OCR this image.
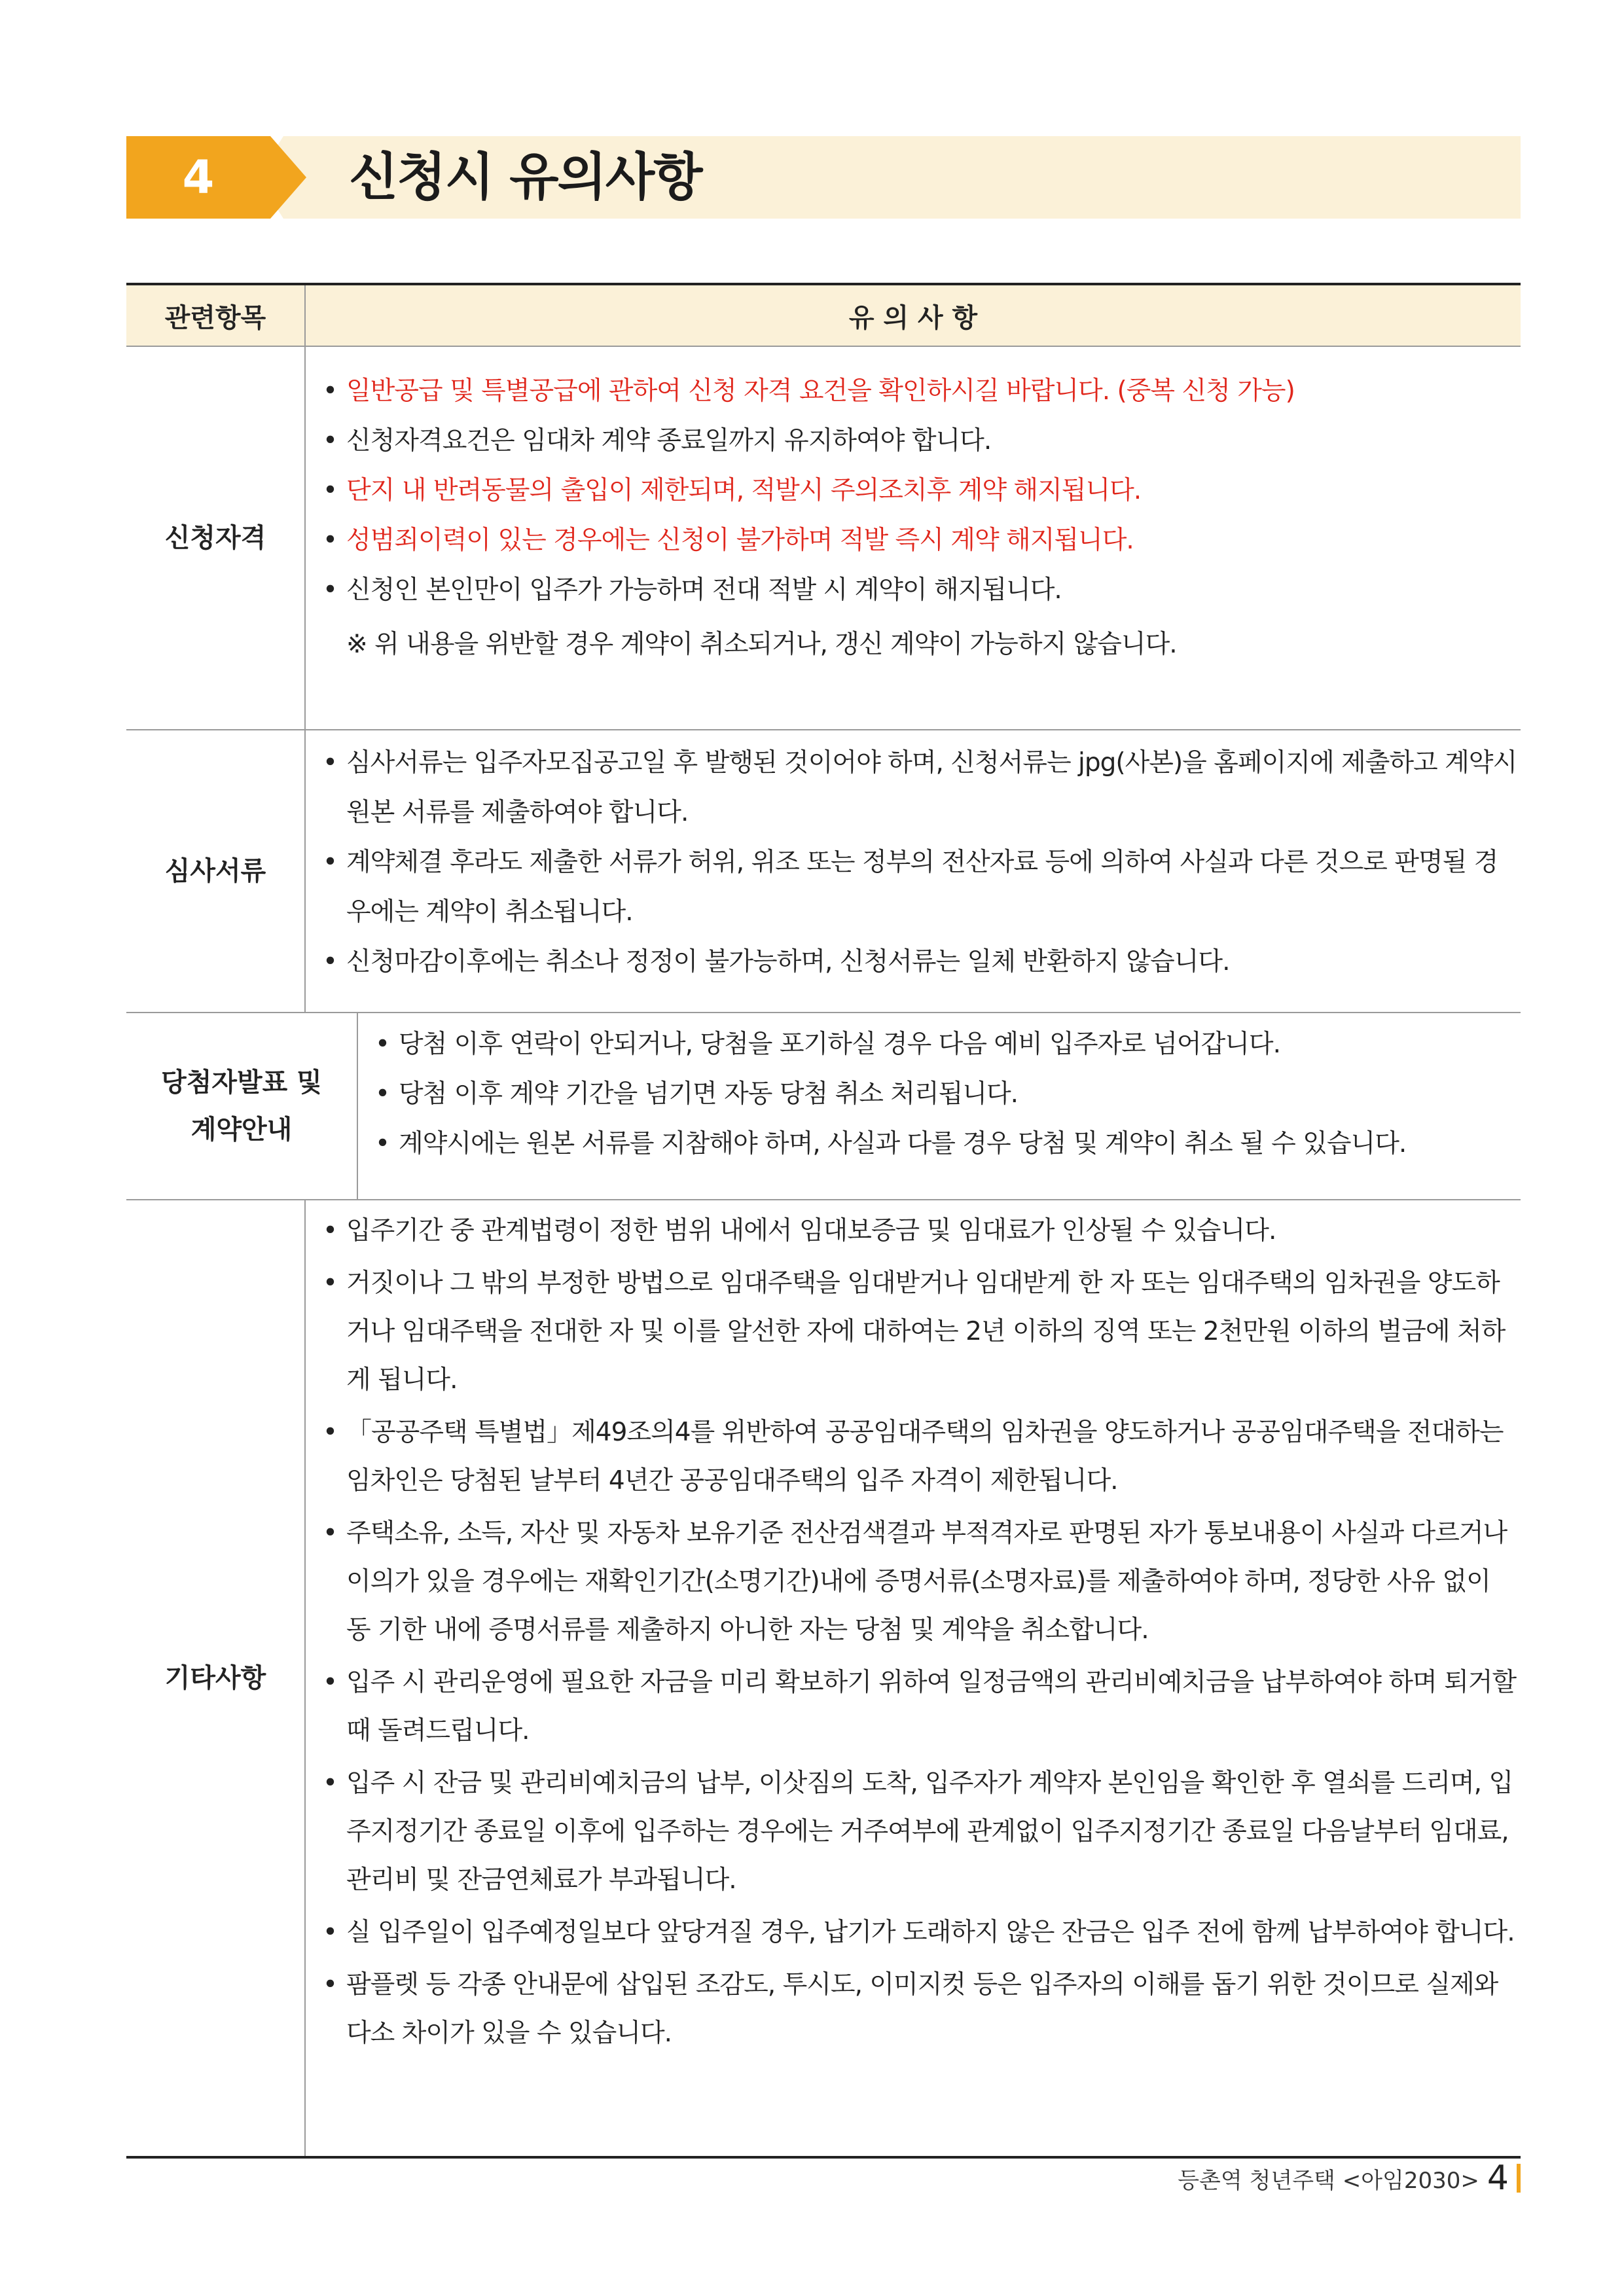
4	신청시 유의사항
관련항목	유 의 사 항
신청자격
• 일반공급 및 특별공급에 관하여 신청 자격 요건을 확인하시길 바랍니다. (중복 신청 가능)
• 신청자격요건은 임대차 계약 종료일까지 유지하여야 합니다.
• 단지 내 반려동물의 출입이 제한되며, 적발시 주의조치후 계약 해지됩니다.
• 성범죄이력이 있는 경우에는 신청이 불가하며 적발 즉시 계약 해지됩니다.
• 신청인 본인만이 입주가 가능하며 전대 적발 시 계약이 해지됩니다.
※ 위 내용을 위반할 경우 계약이 취소되거나, 갱신 계약이 가능하지 않습니다.
심사서류
• 심사서류는 입주자모집공고일 후 발행된 것이어야 하며, 신청서류는 jpg(사본)을 홈페이지에 제출하고 계약시 원본 서류를 제출하여야 합니다.
• 계약체결 후라도 제출한 서류가 허위, 위조 또는 정부의 전산자료 등에 의하여 사실과 다른 것으로 판명될 경우에는 계약이 취소됩니다.
• 신청마감이후에는 취소나 정정이 불가능하며, 신청서류는 일체 반환하지 않습니다.
당첨자발표 및 계약안내
• 당첨 이후 연락이 안되거나, 당첨을 포기하실 경우 다음 예비 입주자로 넘어갑니다.
• 당첨 이후 계약 기간을 넘기면 자동 당첨 취소 처리됩니다.
• 계약시에는 원본 서류를 지참해야 하며, 사실과 다를 경우 당첨 및 계약이 취소 될 수 있습니다.
기타사항
• 입주기간 중 관계법령이 정한 범위 내에서 임대보증금 및 임대료가 인상될 수 있습니다.
• 거짓이나 그 밖의 부정한 방법으로 임대주택을 임대받거나 임대받게 한 자 또는 임대주택의 임차권을 양도하거나 임대주택을 전대한 자 및 이를 알선한 자에 대하여는 2년 이하의 징역 또는 2천만원 이하의 벌금에 처하게 됩니다.
• 「공공주택 특별법」제49조의4를 위반하여 공공임대주택의 임차권을 양도하거나 공공임대주택을 전대하는 임차인은 당첨된 날부터 4년간 공공임대주택의 입주 자격이 제한됩니다.
• 주택소유, 소득, 자산 및 자동차 보유기준 전산검색결과 부적격자로 판명된 자가 통보내용이 사실과 다르거나 이의가 있을 경우에는 재확인기간(소명기간)내에 증명서류(소명자료)를 제출하여야 하며, 정당한 사유 없이 동 기한 내에 증명서류를 제출하지 아니한 자는 당첨 및 계약을 취소합니다.
• 입주 시 관리운영에 필요한 자금을 미리 확보하기 위하여 일정금액의 관리비예치금을 납부하여야 하며 퇴거할 때 돌려드립니다.
• 입주 시 잔금 및 관리비예치금의 납부, 이삿짐의 도착, 입주자가 계약자 본인임을 확인한 후 열쇠를 드리며, 입주지정기간 종료일 이후에 입주하는 경우에는 거주여부에 관계없이 입주지정기간 종료일 다음날부터 임대료, 관리비 및 잔금연체료가 부과됩니다.
• 실 입주일이 입주예정일보다 앞당겨질 경우, 납기가 도래하지 않은 잔금은 입주 전에 함께 납부하여야 합니다.
• 팜플렛 등 각종 안내문에 삽입된 조감도, 투시도, 이미지컷 등은 입주자의 이해를 돕기 위한 것이므로 실제와 다소 차이가 있을 수 있습니다.
등촌역 청년주택 <아임2030> 4
